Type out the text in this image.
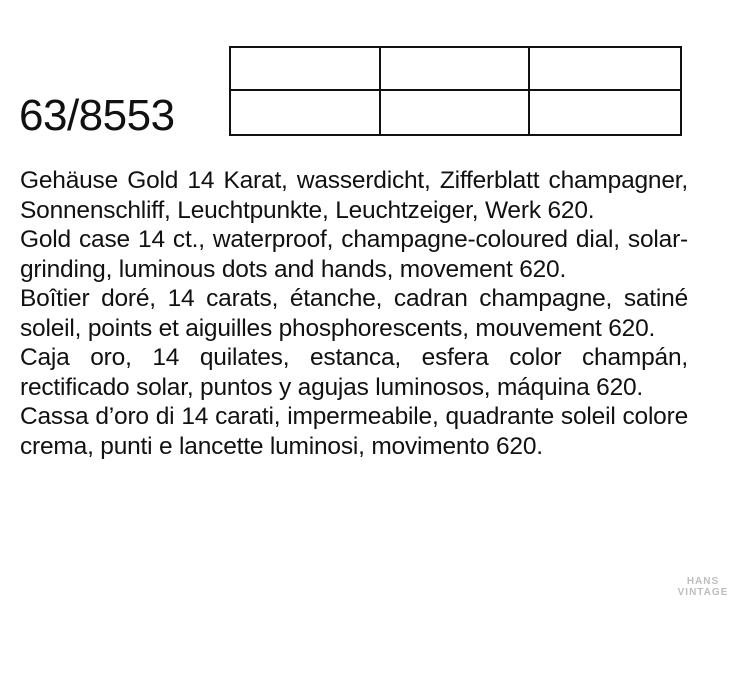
63/8553

Gehäuse Gold 14 Karat, wasserdicht, Zifferblatt champagner, Sonnenschliff, Leuchtpunkte, Leuchtzeiger, Werk 620.

Gold case 14 ct., waterproof, champagne-coloured dial, solar-grinding, luminous dots and hands, movement 620.

Boîtier doré, 14 carats, étanche, cadran champagne, satiné soleil, points et aiguilles phosphorescents, mouvement 620.

Caja oro, 14 quilates, estanca, esfera color champán, rectificado solar, puntos y agujas luminosos, máquina 620.

Cassa d’oro di 14 carati, impermeabile, quadrante soleil colore crema, punti e lancette luminosi, movimento 620.

HANS
VINTAGE
